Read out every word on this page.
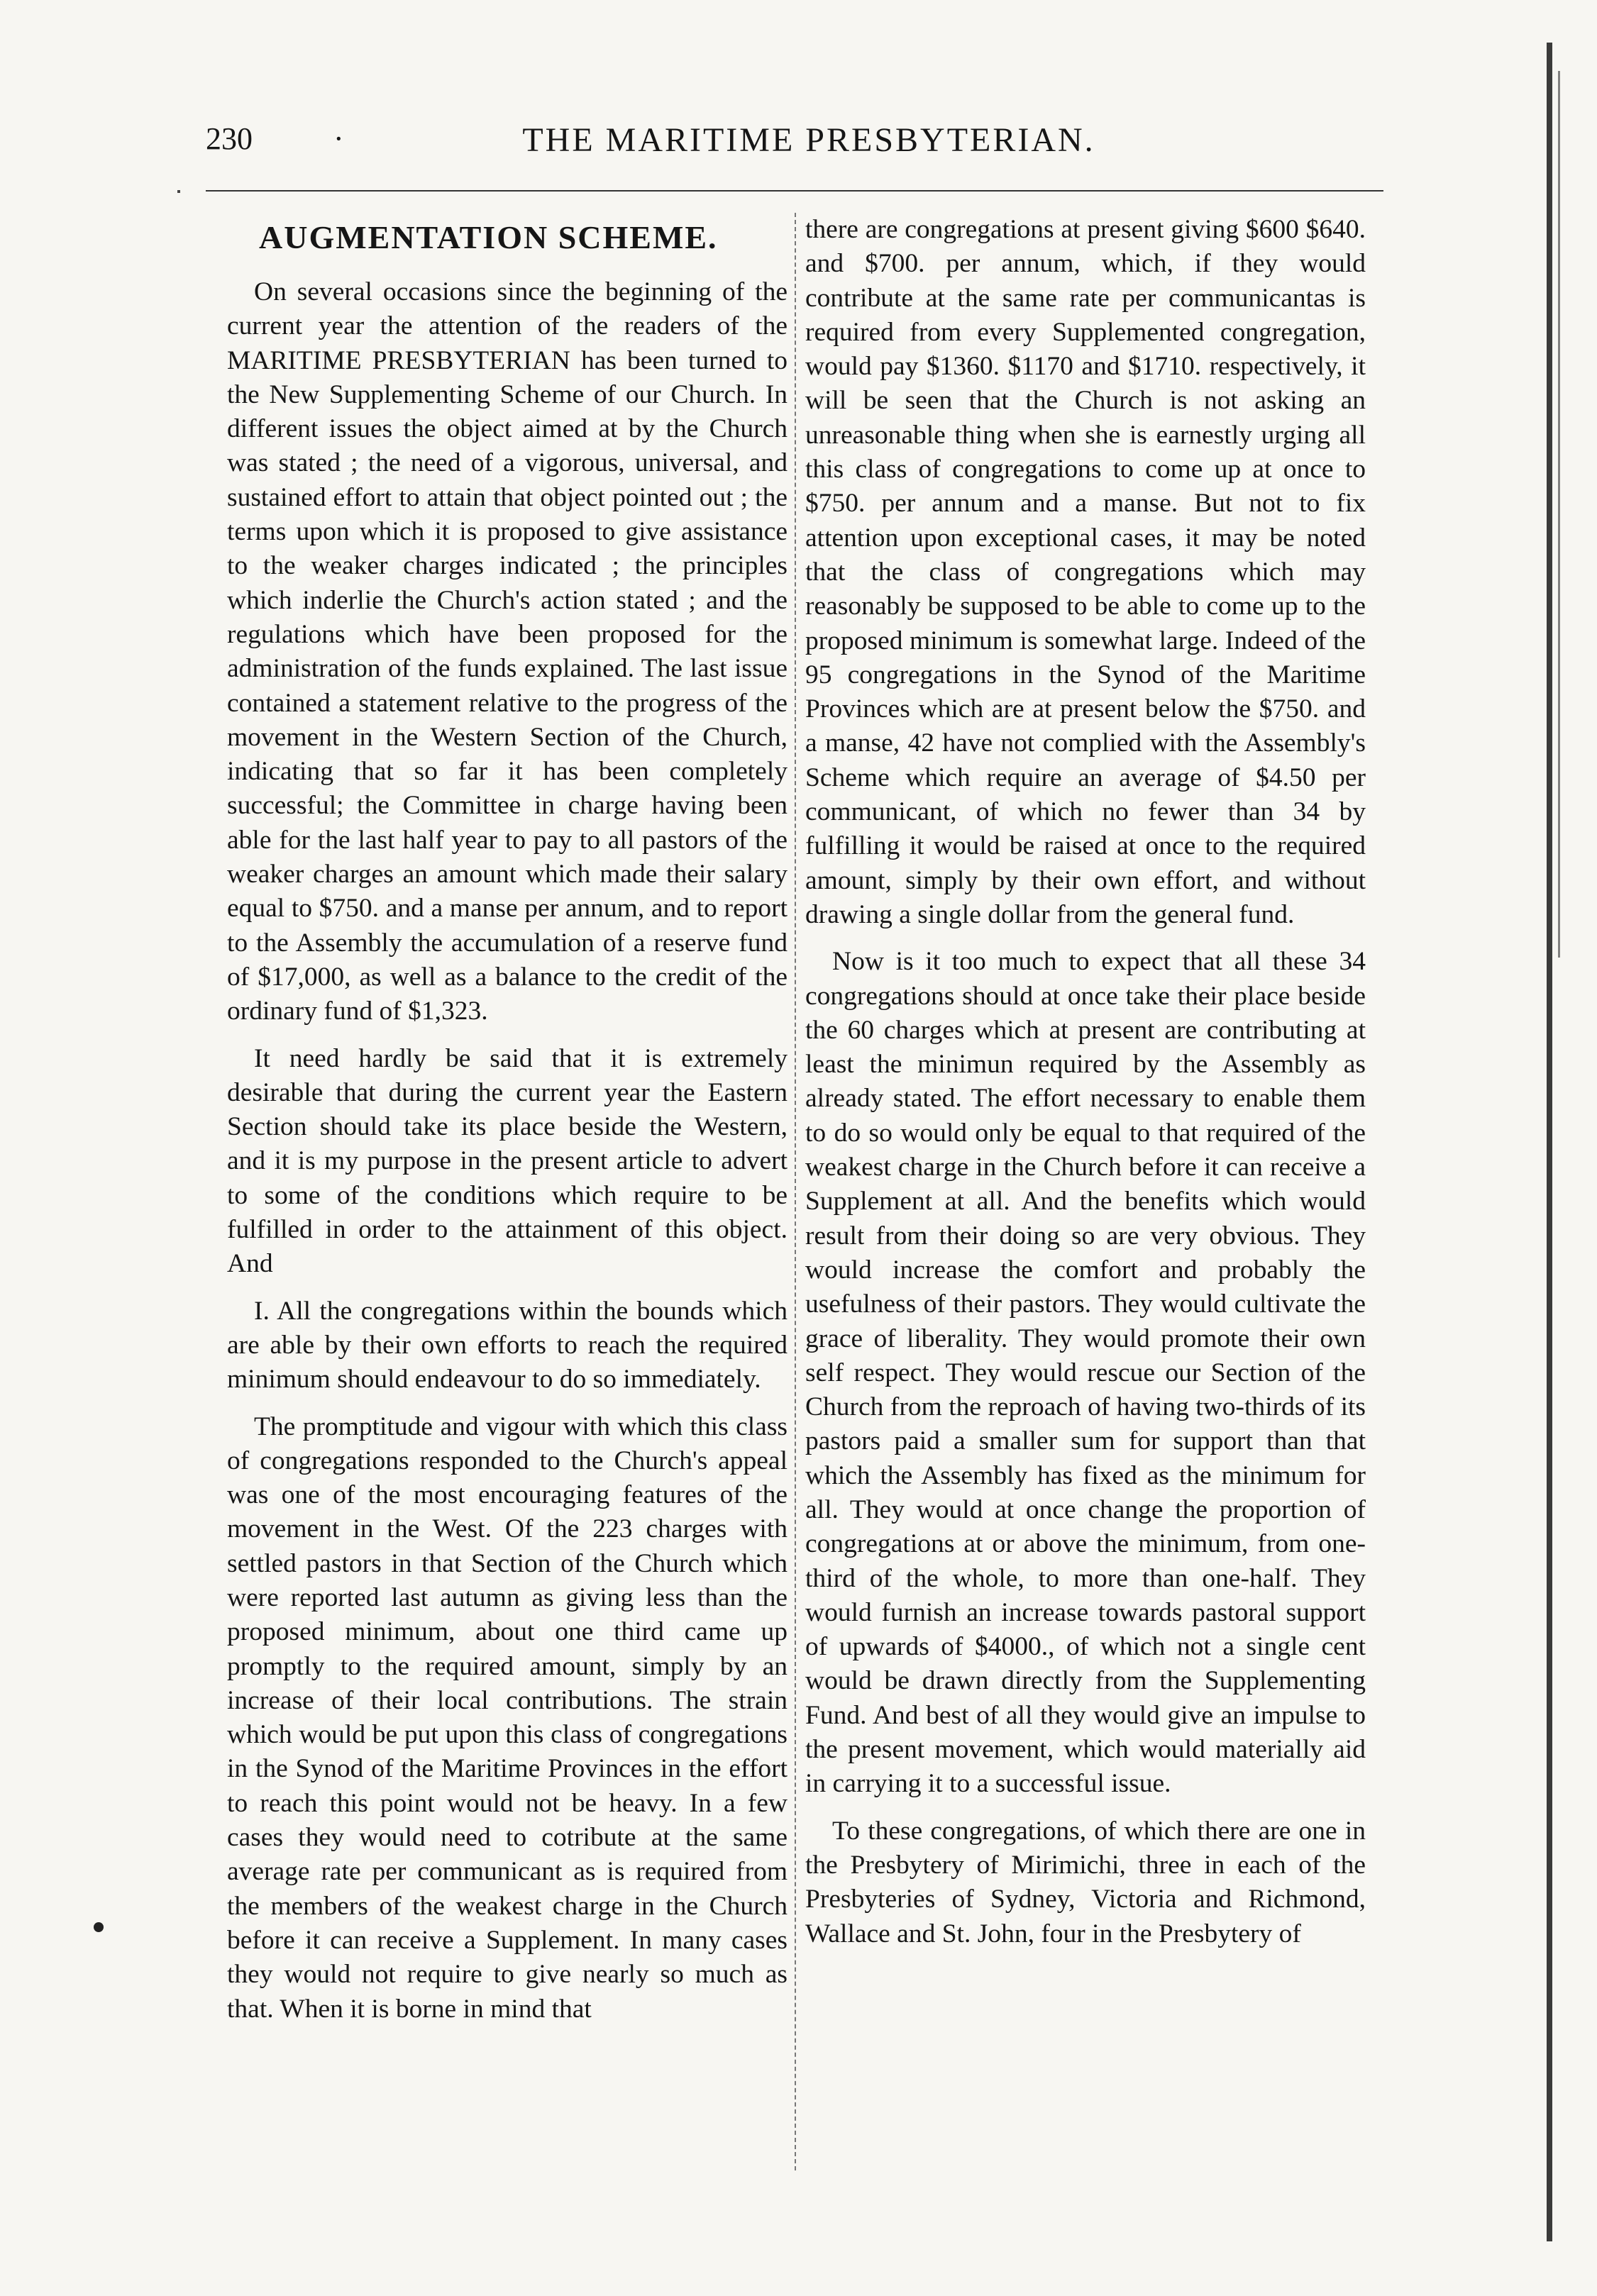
230	·	THE MARITIME PRESBYTERIAN.
AUGMENTATION SCHEME.

On several occasions since the beginning of the current year the attention of the readers of the MARITIME PRESBYTERIAN has been turned to the New Supplementing Scheme of our Church. In different issues the object aimed at by the Church was stated ; the need of a vigorous, universal, and sustained effort to attain that object pointed out ; the terms upon which it is proposed to give assistance to the weaker charges indicated ; the principles which inderlie the Church's action stated ; and the regulations which have been proposed for the administration of the funds explained. The last issue contained a statement relative to the progress of the movement in the Western Section of the Church, indicating that so far it has been completely successful; the Committee in charge having been able for the last half year to pay to all pastors of the weaker charges an amount which made their salary equal to $750. and a manse per annum, and to report to the Assembly the accumulation of a reserve fund of $17,000, as well as a balance to the credit of the ordinary fund of $1,323.

It need hardly be said that it is extremely desirable that during the current year the Eastern Section should take its place beside the Western, and it is my purpose in the present article to advert to some of the conditions which require to be fulfilled in order to the attainment of this object. And

I. All the congregations within the bounds which are able by their own efforts to reach the required minimum should endeavour to do so immediately.

The promptitude and vigour with which this class of congregations responded to the Church's appeal was one of the most encouraging features of the movement in the West. Of the 223 charges with settled pastors in that Section of the Church which were reported last autumn as giving less than the proposed minimum, about one third came up promptly to the required amount, simply by an increase of their local contributions. The strain which would be put upon this class of congregations in the Synod of the Maritime Provinces in the effort to reach this point would not be heavy. In a few cases they would need to cotribute at the same average rate per communicant as is required from the members of the weakest charge in the Church before it can receive a Supplement. In many cases they would not require to give nearly so much as that. When it is borne in mind that

there are congregations at present giving $600 $640. and $700. per annum, which, if they would contribute at the same rate per communicantas is required from every Supplemented congregation, would pay $1360. $1170 and $1710. respectively, it will be seen that the Church is not asking an unreasonable thing when she is earnestly urging all this class of congregations to come up at once to $750. per annum and a manse. But not to fix attention upon exceptional cases, it may be noted that the class of congregations which may reasonably be supposed to be able to come up to the proposed minimum is somewhat large. Indeed of the 95 congregations in the Synod of the Maritime Provinces which are at present below the $750. and a manse, 42 have not complied with the Assembly's Scheme which require an average of $4.50 per communicant, of which no fewer than 34 by fulfilling it would be raised at once to the required amount, simply by their own effort, and without drawing a single dollar from the general fund.

Now is it too much to expect that all these 34 congregations should at once take their place beside the 60 charges which at present are contributing at least the minimun required by the Assembly as already stated. The effort necessary to enable them to do so would only be equal to that required of the weakest charge in the Church before it can receive a Supplement at all. And the benefits which would result from their doing so are very obvious. They would increase the comfort and probably the usefulness of their pastors. They would cultivate the grace of liberality. They would promote their own self respect. They would rescue our Section of the Church from the reproach of having two-thirds of its pastors paid a smaller sum for support than that which the Assembly has fixed as the minimum for all. They would at once change the proportion of congregations at or above the minimum, from one-third of the whole, to more than one-half. They would furnish an increase towards pastoral support of upwards of $4000., of which not a single cent would be drawn directly from the Supplementing Fund. And best of all they would give an impulse to the present movement, which would materially aid in carrying it to a successful issue.

To these congregations, of which there are one in the Presbytery of Mirimichi, three in each of the Presbyteries of Sydney, Victoria and Richmond, Wallace and St. John, four in the Presbytery of
